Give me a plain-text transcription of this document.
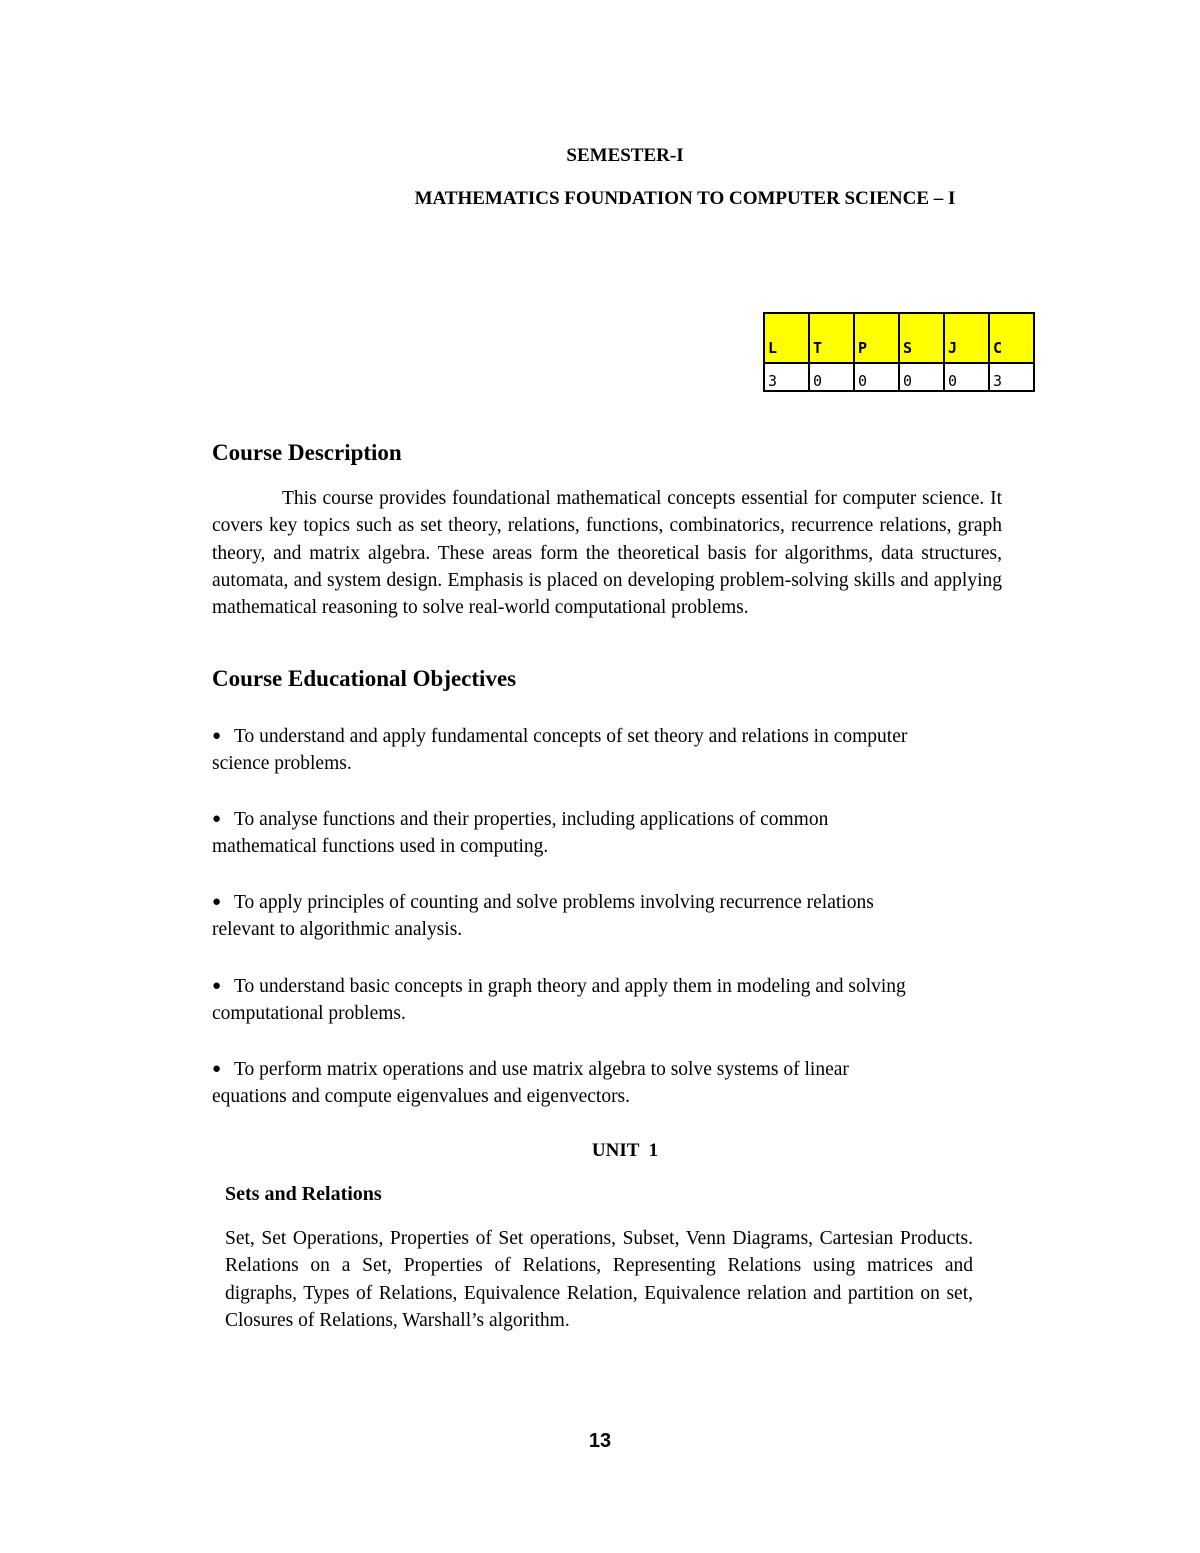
SEMESTER-I
MATHEMATICS FOUNDATION TO COMPUTER SCIENCE – I
L	T	P	S	J	C
3	0	0	0	0	3
Course Description

This course provides foundational mathematical concepts essential for computer science. It covers key topics such as set theory, relations, functions, combinatorics, recurrence relations, graph theory, and matrix algebra. These areas form the theoretical basis for algorithms, data structures, automata, and system design. Emphasis is placed on developing problem-solving skills and applying mathematical reasoning to solve real-world computational problems.

Course Educational Objectives
● To understand and apply fundamental concepts of set theory and relations in computer
science problems.
● To analyse functions and their properties, including applications of common
mathematical functions used in computing.
● To apply principles of counting and solve problems involving recurrence relations
relevant to algorithmic analysis.
● To understand basic concepts in graph theory and apply them in modeling and solving
computational problems.
● To perform matrix operations and use matrix algebra to solve systems of linear
equations and compute eigenvalues and eigenvectors.
UNIT  1
Sets and Relations

Set, Set Operations, Properties of Set operations, Subset, Venn Diagrams, Cartesian Products. Relations on a Set, Properties of Relations, Representing Relations using matrices and digraphs, Types of Relations, Equivalence Relation, Equivalence relation and partition on set, Closures of Relations, Warshall’s algorithm.

13
